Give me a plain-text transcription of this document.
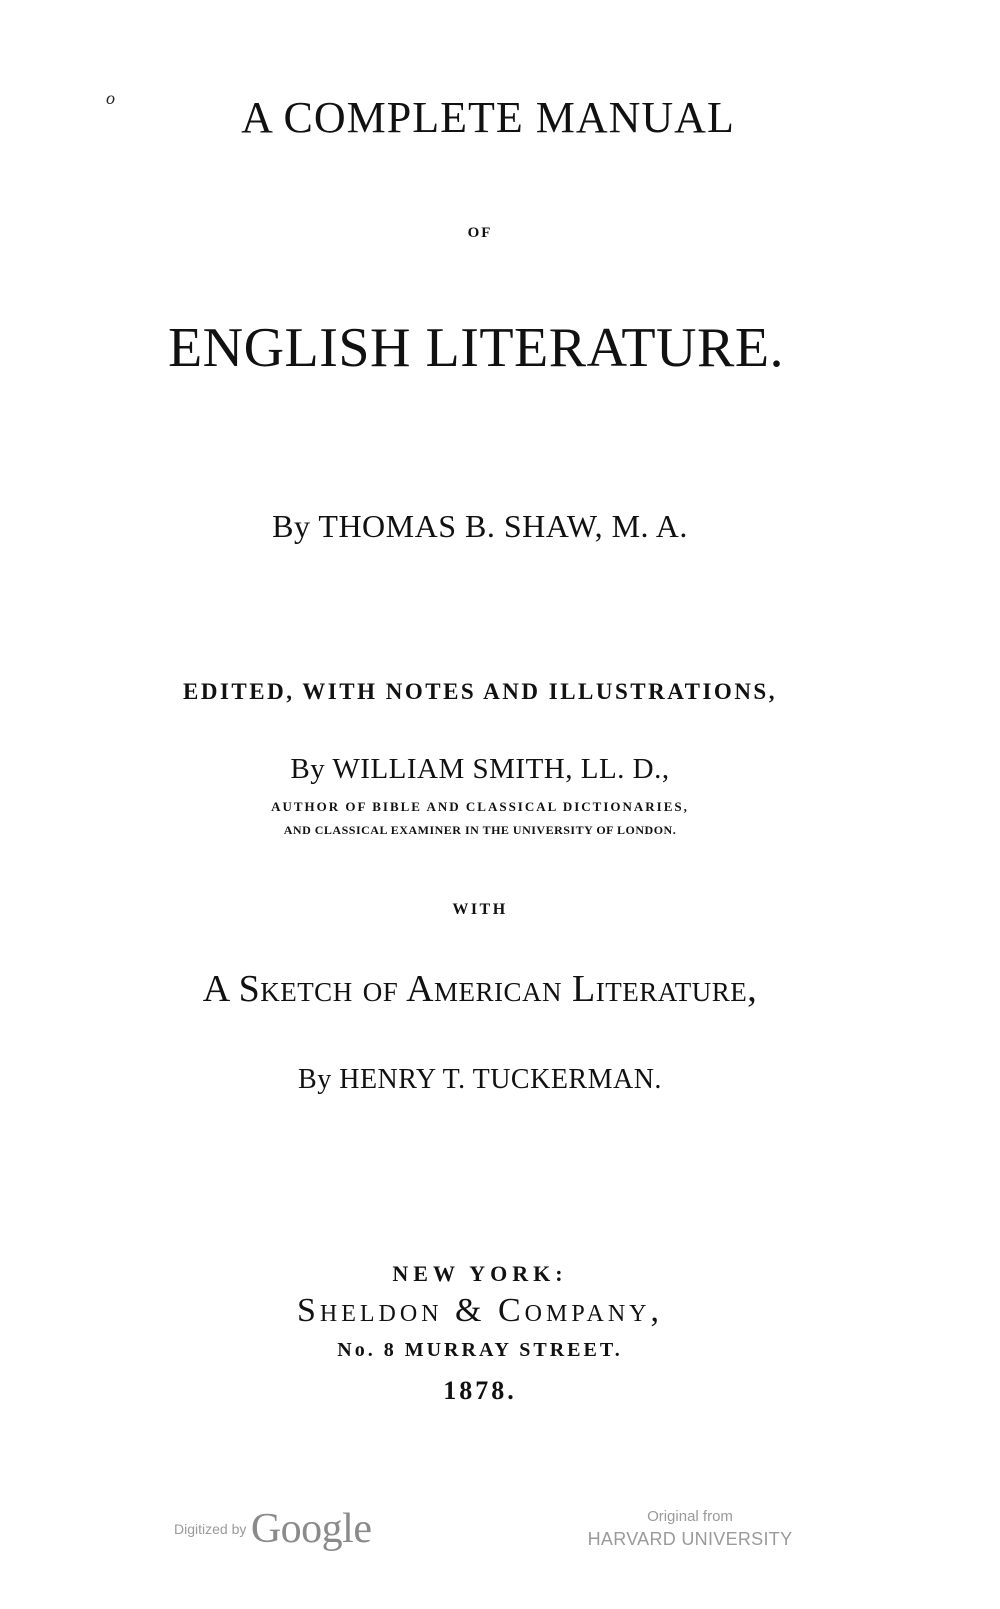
o	A COMPLETE MANUAL
OF
ENGLISH LITERATURE.
By THOMAS B. SHAW, M. A.
EDITED, WITH NOTES AND ILLUSTRATIONS,
By WILLIAM SMITH, LL. D.,
AUTHOR OF BIBLE AND CLASSICAL DICTIONARIES,
AND CLASSICAL EXAMINER IN THE UNIVERSITY OF LONDON.
WITH
A Sketch of American Literature,
By HENRY T. TUCKERMAN.
NEW YORK:
Sheldon & Company,
No. 8 MURRAY STREET.
1878.
Digitized by Google	Original from
HARVARD UNIVERSITY
